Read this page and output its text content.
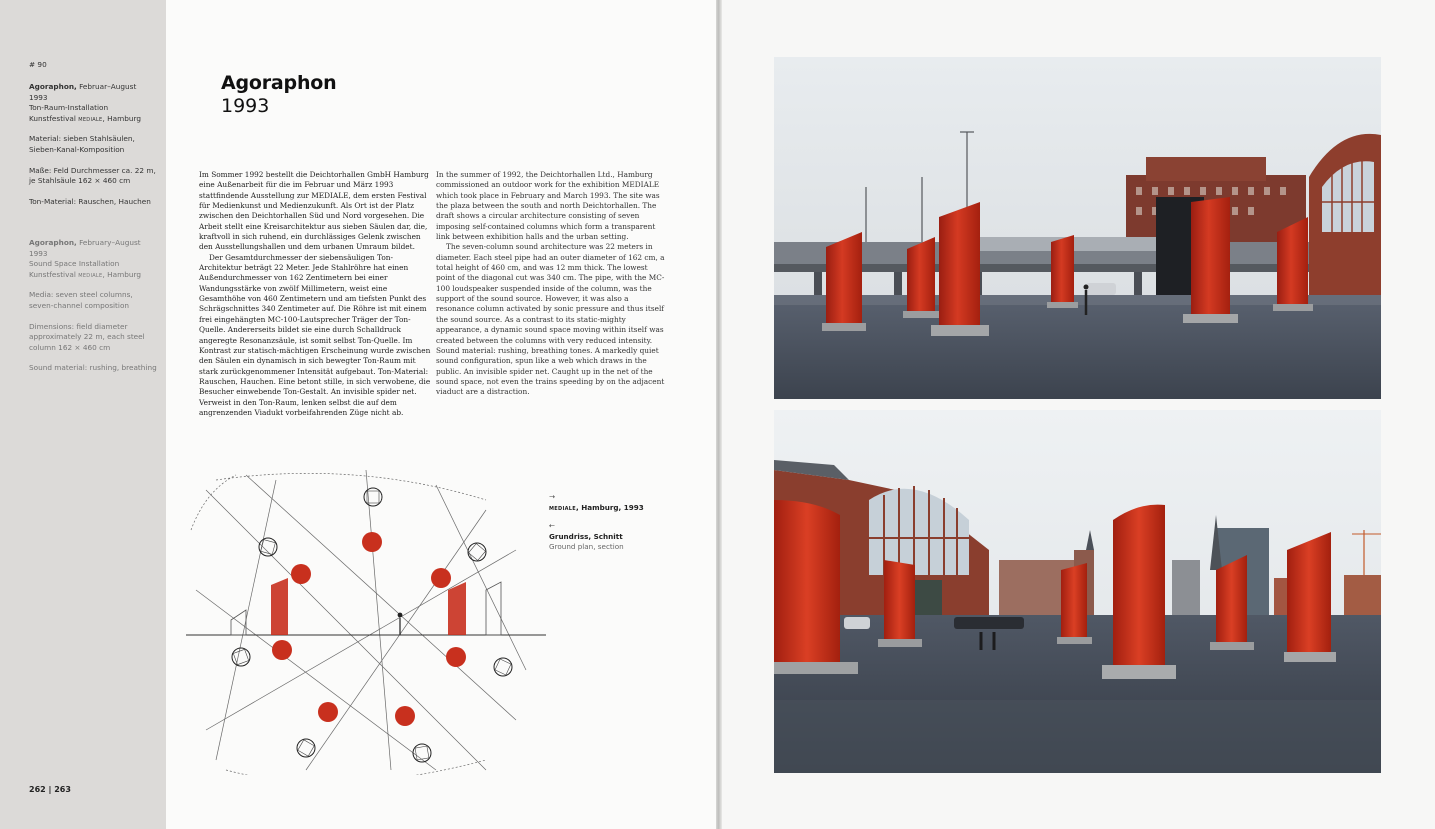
# 90

Agoraphon, Februar–August 1993
Ton-Raum-Installation
Kunstfestival mediale, Hamburg

Material: sieben Stahlsäulen,
Sieben-Kanal-Komposition

Maße: Feld Durchmesser ca. 22 m,
je Stahlsäule 162 × 460 cm

Ton-Material: Rauschen, Hauchen

Agoraphon, February–August 1993
Sound Space Installation
Kunstfestival mediale, Hamburg

Media: seven steel columns, seven-channel composition

Dimensions: field diameter approximately 22 m, each steel column 162 × 460 cm

Sound material: rushing, breathing

262 | 263
Agoraphon
1993

Im Sommer 1992 bestellt die Deichtorhallen GmbH Hamburg eine Außenarbeit für die im Februar und März 1993 stattfindende Ausstellung zur MEDIALE, dem ersten Festival für Medienkunst und Medienzukunft. Als Ort ist der Platz zwischen den Deichtorhallen Süd und Nord vorgesehen. Die Arbeit stellt eine Kreisarchitektur aus sieben Säulen dar, die, kraftvoll in sich ruhend, ein durchlässiges Gelenk zwischen den Ausstellungshallen und dem urbanen Umraum bildet.

Der Gesamtdurchmesser der siebensäuligen Ton-Architektur beträgt 22 Meter. Jede Stahlröhre hat einen Außendurchmesser von 162 Zentimetern bei einer Wandungsstärke von zwölf Millimetern, weist eine Gesamthöhe von 460 Zentimetern und am tiefsten Punkt des Schrägschnittes 340 Zentimeter auf. Die Röhre ist mit einem frei eingehängten MC-100-Lautsprecher Träger der Ton-Quelle. Andererseits bildet sie eine durch Schalldruck angeregte Resonanzsäule, ist somit selbst Ton-Quelle. Im Kontrast zur statisch-mächtigen Erscheinung wurde zwischen den Säulen ein dynamisch in sich bewegter Ton-Raum mit stark zurückgenommener Intensität aufgebaut. Ton-Material: Rauschen, Hauchen. Eine betont stille, in sich verwobene, die Besucher einwebende Ton-Gestalt. An invisible spider net. Verweist in den Ton-Raum, lenken selbst die auf dem angrenzenden Viadukt vorbeifahrenden Züge nicht ab.

In the summer of 1992, the Deichtorhallen Ltd., Hamburg commissioned an outdoor work for the exhibition MEDIALE which took place in February and March 1993. The site was the plaza between the south and north Deichtorhallen. The draft shows a circular architecture consisting of seven imposing self-contained columns which form a transparent link between exhibition halls and the urban setting.

The seven-column sound architecture was 22 meters in diameter. Each steel pipe had an outer diameter of 162 cm, a total height of 460 cm, and was 12 mm thick. The lowest point of the diagonal cut was 340 cm. The pipe, with the MC-100 loudspeaker suspended inside of the column, was the support of the sound source. However, it was also a resonance column activated by sonic pressure and thus itself the sound source. As a contrast to its static-mighty appearance, a dynamic sound space moving within itself was created between the columns with very reduced intensity. Sound material: rushing, breathing tones. A markedly quiet sound configuration, spun like a web which draws in the public. An invisible spider net. Caught up in the net of the sound space, not even the trains speeding by on the adjacent viaduct are a distraction.

→
mediale, Hamburg, 1993

←
Grundriss, Schnitt
Ground plan, section
